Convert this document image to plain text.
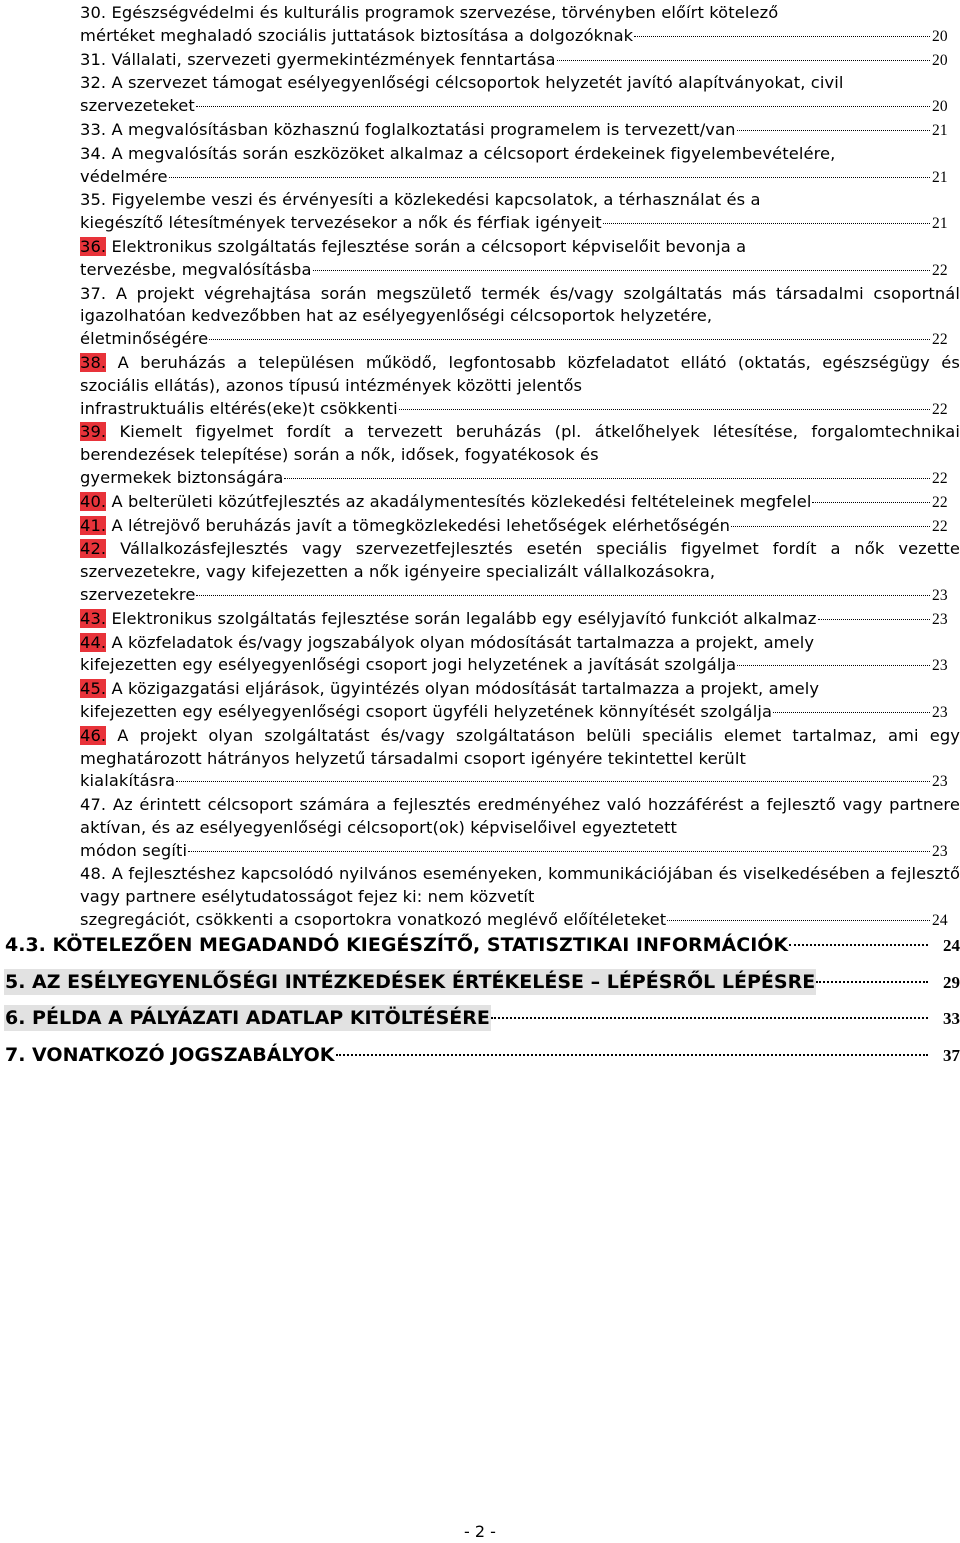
30. Egészségvédelmi és kulturális programok szervezése, törvényben előírt kötelező
mértéket meghaladó szociális juttatások biztosítása a dolgozóknak	20
31. Vállalati, szervezeti gyermekintézmények fenntartása	20
32. A szervezet támogat esélyegyenlőségi célcsoportok helyzetét javító alapítványokat, civil
szervezeteket	20
33. A megvalósításban közhasznú foglalkoztatási programelem is tervezett/van	21
34. A megvalósítás során eszközöket alkalmaz a célcsoport érdekeinek figyelembevételére,
védelmére	21
35. Figyelembe veszi és érvényesíti a közlekedési kapcsolatok, a térhasználat és a
kiegészítő létesítmények tervezésekor a nők és férfiak igényeit	21
36. Elektronikus szolgáltatás fejlesztése során a célcsoport képviselőit bevonja a
tervezésbe, megvalósításba	22
37. A projekt végrehajtása során megszülető termék és/vagy szolgáltatás más társadalmi csoportnál igazolhatóan kedvezőbben hat az esélyegyenlőségi célcsoportok helyzetére,
életminőségére	22
38. A beruházás a településen működő, legfontosabb közfeladatot ellátó (oktatás, egészségügy és szociális ellátás), azonos típusú intézmények közötti jelentős
infrastruktuális eltérés(eke)t csökkenti	22
39. Kiemelt figyelmet fordít a tervezett beruházás (pl. átkelőhelyek létesítése, forgalomtechnikai berendezések telepítése) során a nők, idősek, fogyatékosok és
gyermekek biztonságára	22
40. A belterületi közútfejlesztés az akadálymentesítés közlekedési feltételeinek megfelel	22
41. A létrejövő beruházás javít a tömegközlekedési lehetőségek elérhetőségén	22
42. Vállalkozásfejlesztés vagy szervezetfejlesztés esetén speciális figyelmet fordít a nők vezette szervezetekre, vagy kifejezetten a nők igényeire specializált vállalkozásokra,
szervezetekre	23
43. Elektronikus szolgáltatás fejlesztése során legalább egy esélyjavító funkciót alkalmaz	23
44. A közfeladatok és/vagy jogszabályok olyan módosítását tartalmazza a projekt, amely
kifejezetten egy esélyegyenlőségi csoport jogi helyzetének a javítását szolgálja	23
45. A közigazgatási eljárások, ügyintézés olyan módosítását tartalmazza a projekt, amely
kifejezetten egy esélyegyenlőségi csoport ügyféli helyzetének könnyítését szolgálja	23
46. A projekt olyan szolgáltatást és/vagy szolgáltatáson belüli speciális elemet tartalmaz, ami egy meghatározott hátrányos helyzetű társadalmi csoport igényére tekintettel került
kialakításra	23
47. Az érintett célcsoport számára a fejlesztés eredményéhez való hozzáférést a fejlesztő vagy partnere aktívan, és az esélyegyenlőségi célcsoport(ok) képviselőivel egyeztetett
módon segíti	23
48. A fejlesztéshez kapcsolódó nyilvános eseményeken, kommunikációjában és viselkedésében a fejlesztő vagy partnere esélytudatosságot fejez ki: nem közvetít
szegregációt, csökkenti a csoportokra vonatkozó meglévő előítéleteket	24
4.3. KÖTELEZŐEN MEGADANDÓ KIEGÉSZÍTŐ, STATISZTIKAI INFORMÁCIÓK	24
5. AZ ESÉLYEGYENLŐSÉGI INTÉZKEDÉSEK ÉRTÉKELÉSE – LÉPÉSRŐL LÉPÉSRE	29
6. PÉLDA A PÁLYÁZATI ADATLAP KITÖLTÉSÉRE	33
7. VONATKOZÓ JOGSZABÁLYOK	37
- 2 -
